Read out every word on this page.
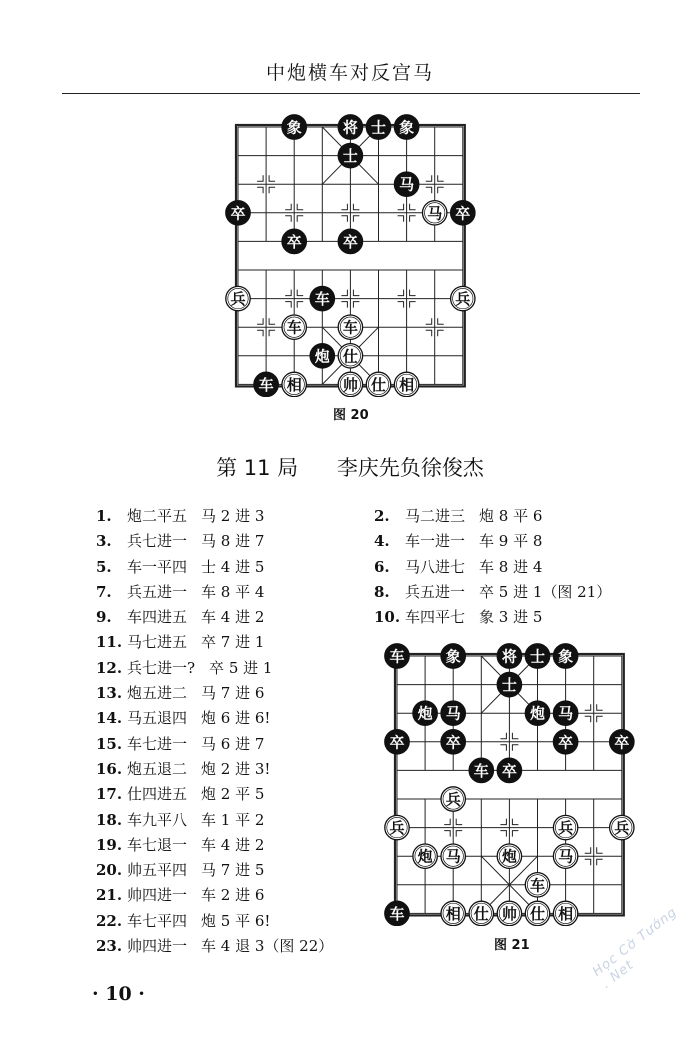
中炮横车对反宫马
象	将 士 象
士
马
卒	马 卒
卒	卒
兵	车	兵
车	车
炮 仕
车 相	帅 仕 相
图 20
第 11 局 李庆先负徐俊杰
1. 炮二平五 马 2 进 3
3. 兵七进一 马 8 进 7
5. 车一平四 士 4 进 5
7. 兵五进一 车 8 平 4
9. 车四进五 车 4 进 2
11. 马七进五 卒 7 进 1
12. 兵七进一? 卒 5 进 1
13. 炮五进二 马 7 进 6
14. 马五退四 炮 6 进 6!
15. 车七进一 马 6 进 7
16. 炮五退二 炮 2 进 3!
17. 仕四进五 炮 2 平 5
18. 车九平八 车 1 平 2
19. 车七退一 车 4 进 2
20. 帅五平四 马 7 进 5
21. 帅四进一 车 2 进 6
22. 车七平四 炮 5 平 6!
23. 帅四进一 车 4 退 3（图 22）
2. 马二进三 炮 8 平 6
4. 车一进一 车 9 平 8
6. 马八进七 车 8 进 4
8. 兵五进一 卒 5 进 1（图 21）
10. 车四平七 象 3 进 5
车	象	将 士 象
士
炮 马	炮 马
卒	卒	卒	卒
车 卒
兵
兵	兵	兵
炮 马	炮	马
车
车	相 仕 帅 仕 相
图 21
· 10 ·
Học Cờ Tướng . Net
